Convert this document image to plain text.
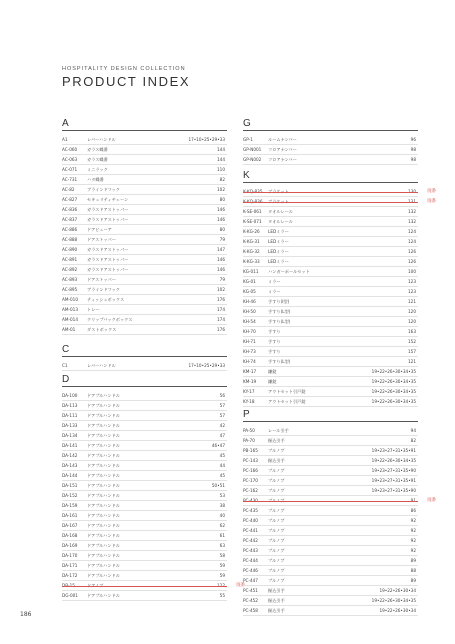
HOSPITALITY DESIGN COLLECTION
PRODUCT INDEX
A
A1	レバーハンドル	17•10•25•29•33
AC-060	ガラス蝶番	144
AC-063	ガラス蝶番	144
AC-071	ミニラック	110
AC-731	ハタ蝶番	82
AC-82	ブラインドフック	102
AC-827	セキュリティチェーン	80
AC-836	ガラスドアストッパー	146
AC-837	ガラスドアストッパー	146
AC-886	ドアピューア	80
AC-888	ドアストッパー	79
AC-890	ガラスドアストッパー	147
AC-891	ガラスドアストッパー	146
AC-892	ガラスドアストッパー	146
AC-893	ドアストッパー	79
AC-895	ブラインドフック	102
AM-010	ティッシュボックス	176
AM-013	トレー	174
AM-014	クリップバックボックス	174
AM-01	ダストボックス	176
C
C1	レバーハンドル	17•10•25•29•33
D
DA-100	ドアプルハンドル	56
DA-113	ドアプルハンドル	57
DA-111	ドアプルハンドル	57
DA-133	ドアプルハンドル	42
DA-134	ドアプルハンドル	47
DA-141	ドアプルハンドル	46•47
DA-142	ドアプルハンドル	45
DA-143	ドアプルハンドル	44
DA-144	ドアプルハンドル	45
DA-151	ドアプルハンドル	50•51
DA-152	ドアプルハンドル	53
DA-159	ドアプルハンドル	38
DA-161	ドアプルハンドル	40
DA-167	ドアプルハンドル	62
DA-168	ドアプルハンドル	61
DA-169	ドアプルハンドル	63
DA-170	ドアプルハンドル	58
DA-171	ドアプルハンドル	59
DA-172	ドアプルハンドル	59
DB-15	ドアノブ	122	廃番
DG-001	ドアプルハンドル	55
G
GP-1	ルームナンバー	96
GP-N001	フロアナンバー	98
GP-N002	フロアナンバー	98
K
K-KQ-835	ブラケット	130	廃番
K-KQ-836	ブラケット	131	廃番
K-SE-061	タオルレール	132
K-SE-071	タオルレール	132
K-KG-26	LEDミラー	124
K-KG-31	LEDミラー	124
K-KG-32	LEDミラー	126
K-KG-33	LEDミラー	126
KG-011	ハンガーポールセット	100
KG-01	ミラー	123
KG-05	ミラー	123
KH-46	手すり(I型)	121
KH-50	手すり(L型)	120
KH-54	手すり(L型)	120
KH-70	手すり	163
KH-71	手すり	152
KH-73	手すり	157
KH-74	手すり(L型)	121
KM-17	鎌錠	19•22•26•30•34•35
KM-19	鎌錠	19•22•26•30•34•35
KY-17	アウトセット引戸錠	19•22•26•30•34•35
KY-18	アウトセット引戸錠	19•22•26•30•34•35
P
PA-50	レール引手	94
PA-70	掘込引手	82
PB-165	プルノブ	19•23•27•31•35•91
PC-143	掘込引手	19•22•26•30•34•35
PC-166	プルノブ	19•23•27•31•35•90
PC-170	プルノブ	19•23•27•31•35•91
PC-162	プルノブ	19•23•27•31•35•90
PC-430	プルノブ	91	廃番
PC-435	プルノブ	86
PC-440	プルノブ	92
PC-441	プルノブ	92
PC-442	プルノブ	92
PC-443	プルノブ	92
PC-444	プルノブ	89
PC-446	プルノブ	88
PC-447	プルノブ	89
PC-451	掘込引手	19•22•26•30•34
PC-452	掘込引手	19•22•26•30•34•35
PC-458	掘込引手	19•22•26•30•34
186
